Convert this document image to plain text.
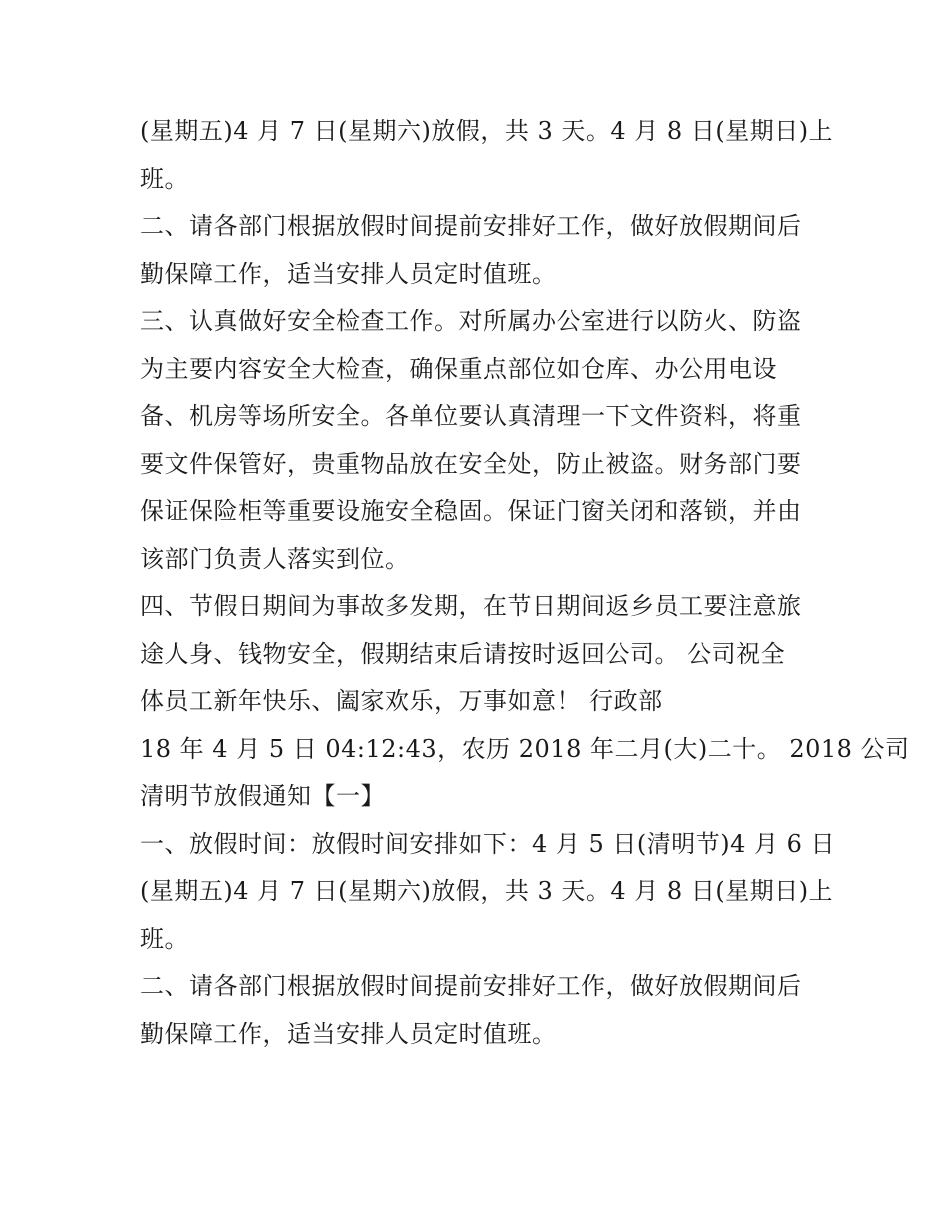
(星期五)4 月 7 日(星期六)放假，共 3 天。4 月 8 日(星期日)上

班。

二、请各部门根据放假时间提前安排好工作，做好放假期间后

勤保障工作，适当安排人员定时值班。

三、认真做好安全检查工作。对所属办公室进行以防火、防盗

为主要内容安全大检查，确保重点部位如仓库、办公用电设

备、机房等场所安全。各单位要认真清理一下文件资料，将重

要文件保管好，贵重物品放在安全处，防止被盗。财务部门要

保证保险柜等重要设施安全稳固。保证门窗关闭和落锁，并由

该部门负责人落实到位。

四、节假日期间为事故多发期，在节日期间返乡员工要注意旅

途人身、钱物安全，假期结束后请按时返回公司。 公司祝全

体员工新年快乐、阖家欢乐，万事如意！ 行政部

18 年 4 月 5 日 04:12:43，农历 2018 年二月(大)二十。 2018 公司

清明节放假通知【一】

一、放假时间：放假时间安排如下：4 月 5 日(清明节)4 月 6 日

(星期五)4 月 7 日(星期六)放假，共 3 天。4 月 8 日(星期日)上

班。

二、请各部门根据放假时间提前安排好工作，做好放假期间后

勤保障工作，适当安排人员定时值班。
